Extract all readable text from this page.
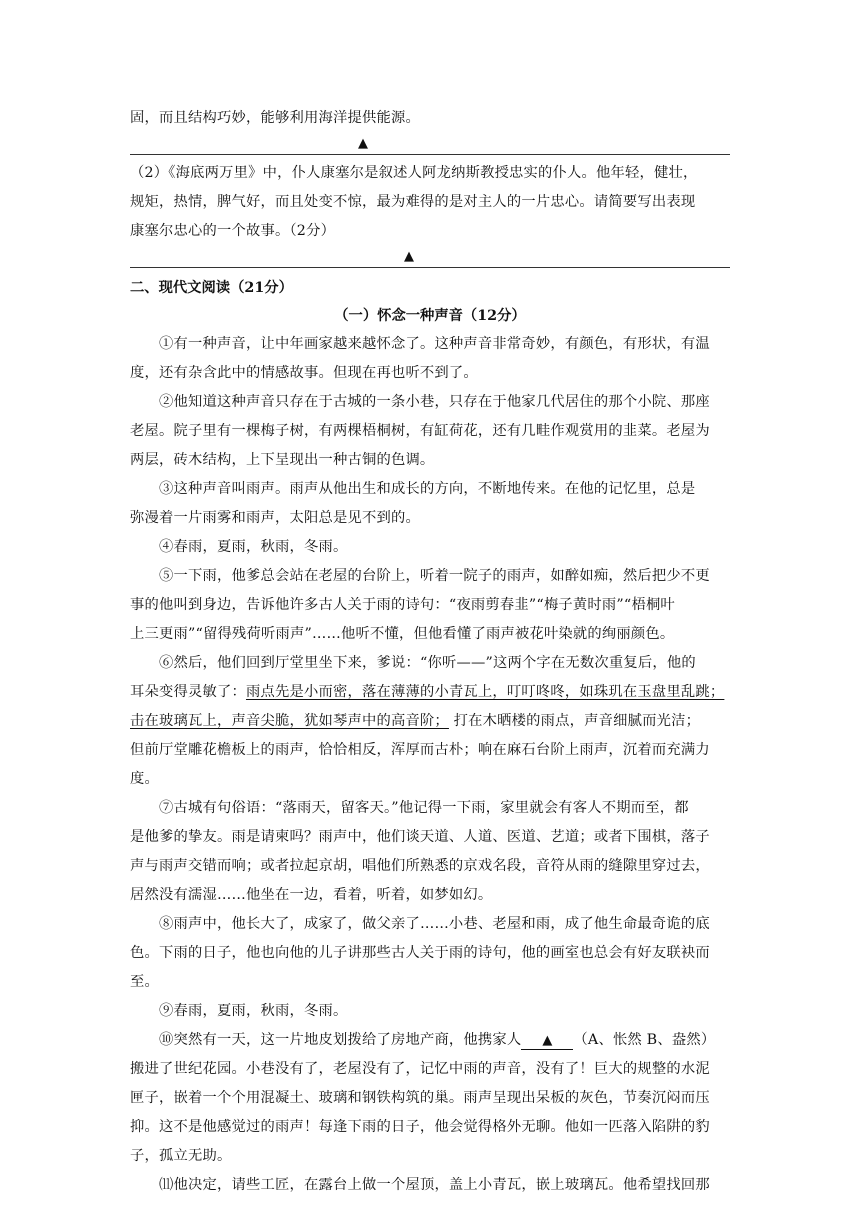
固，而且结构巧妙，能够利用海洋提供能源。
▲
（2）《海底两万里》中，仆人康塞尔是叙述人阿龙纳斯教授忠实的仆人。他年轻，健壮，
规矩，热情，脾气好，而且处变不惊，最为难得的是对主人的一片忠心。请简要写出表现
康塞尔忠心的一个故事。（2分）
▲
二、现代文阅读（21分）
（一）怀念一种声音（12分）
①有一种声音，让中年画家越来越怀念了。这种声音非常奇妙，有颜色，有形状，有温
度，还有杂含此中的情感故事。但现在再也听不到了。
②他知道这种声音只存在于古城的一条小巷，只存在于他家几代居住的那个小院、那座
老屋。院子里有一棵梅子树，有两棵梧桐树，有缸荷花，还有几畦作观赏用的韭菜。老屋为
两层，砖木结构，上下呈现出一种古铜的色调。
③这种声音叫雨声。雨声从他出生和成长的方向，不断地传来。在他的记忆里，总是
弥漫着一片雨雾和雨声，太阳总是见不到的。
④春雨，夏雨，秋雨，冬雨。
⑤一下雨，他爹总会站在老屋的台阶上，听着一院子的雨声，如醉如痴，然后把少不更
事的他叫到身边，告诉他许多古人关于雨的诗句：“夜雨剪春韭”“梅子黄时雨”“梧桐叶
上三更雨”“留得残荷听雨声”……他听不懂，但他看懂了雨声被花叶染就的绚丽颜色。
⑥然后，他们回到厅堂里坐下来，爹说：“你听——”这两个字在无数次重复后，他的
耳朵变得灵敏了：雨点先是小而密，落在薄薄的小青瓦上，叮叮咚咚，如珠玑在玉盘里乱跳；
击在玻璃瓦上，声音尖脆，犹如琴声中的高音阶； 打在木晒楼的雨点，声音细腻而光洁；
但前厅堂雕花檐板上的雨声，恰恰相反，浑厚而古朴；响在麻石台阶上雨声，沉着而充满力
度。
⑦古城有句俗语：“落雨天，留客天。”他记得一下雨，家里就会有客人不期而至，都
是他爹的挚友。雨是请柬吗？雨声中，他们谈天道、人道、医道、艺道；或者下围棋，落子
声与雨声交错而响；或者拉起京胡，唱他们所熟悉的京戏名段，音符从雨的缝隙里穿过去，
居然没有濡湿……他坐在一边，看着，听着，如梦如幻。
⑧雨声中，他长大了，成家了，做父亲了……小巷、老屋和雨，成了他生命最奇诡的底
色。下雨的日子，他也向他的儿子讲那些古人关于雨的诗句，他的画室也总会有好友联袂而
至。
⑨春雨，夏雨，秋雨，冬雨。
⑩突然有一天，这一片地皮划拨给了房地产商，他携家人 ▲ （A、怅然 B、盎然）
搬进了世纪花园。小巷没有了，老屋没有了，记忆中雨的声音，没有了！巨大的规整的水泥
匣子，嵌着一个个用混凝土、玻璃和钢铁构筑的巢。雨声呈现出呆板的灰色，节奏沉闷而压
抑。这不是他感觉过的雨声！每逢下雨的日子，他会觉得格外无聊。他如一匹落入陷阱的豹
子，孤立无助。
⑾他决定，请些工匠，在露台上做一个屋顶，盖上小青瓦，嵌上玻璃瓦。他希望找回那
